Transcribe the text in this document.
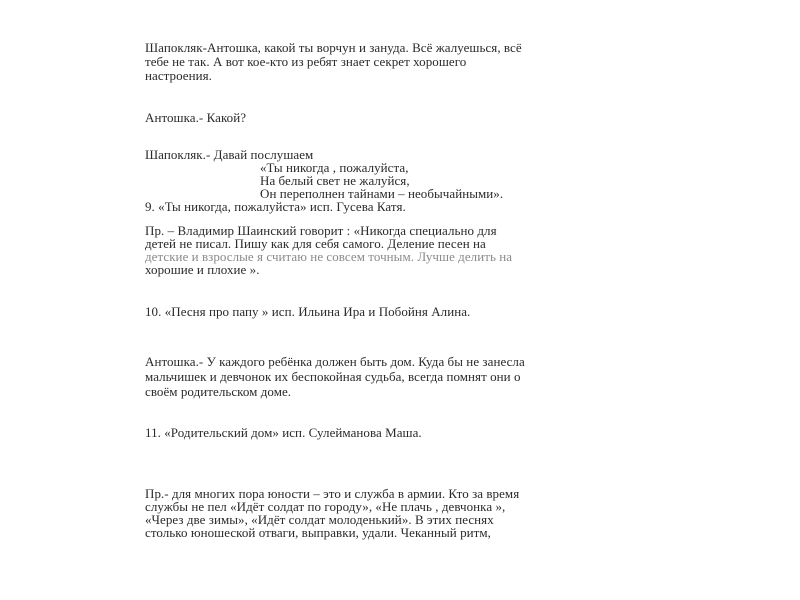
Шапокляк-Антошка, какой ты ворчун и зануда. Всё жалуешься, всё
тебе не так. А вот кое-кто из ребят знает секрет хорошего
настроения.
Антошка.- Какой?
Шапокляк.- Давай послушаем
«Ты никогда , пожалуйста,
На белый свет не жалуйся,
Он переполнен тайнами – необычайными».
9. «Ты никогда, пожалуйста» исп. Гусева Катя.
Пр. – Владимир Шаинский говорит : «Никогда специально для
детей не писал. Пишу как для себя самого. Деление песен на
детские и взрослые я считаю не совсем точным. Лучше делить на
хорошие и плохие ».
10. «Песня про папу » исп. Ильина Ира и Побойня Алина.
Антошка.- У каждого ребёнка должен быть дом. Куда бы не занесла
мальчишек и девчонок их беспокойная судьба, всегда помнят они о
своём родительском доме.
11. «Родительский дом» исп. Сулейманова Маша.
Пр.- для многих пора юности – это и служба в армии. Кто за время
службы не пел «Идёт солдат по городу», «Не плачь , девчонка »,
«Через две зимы», «Идёт солдат молоденький». В этих песнях
столько юношеской отваги, выправки, удали. Чеканный ритм,
